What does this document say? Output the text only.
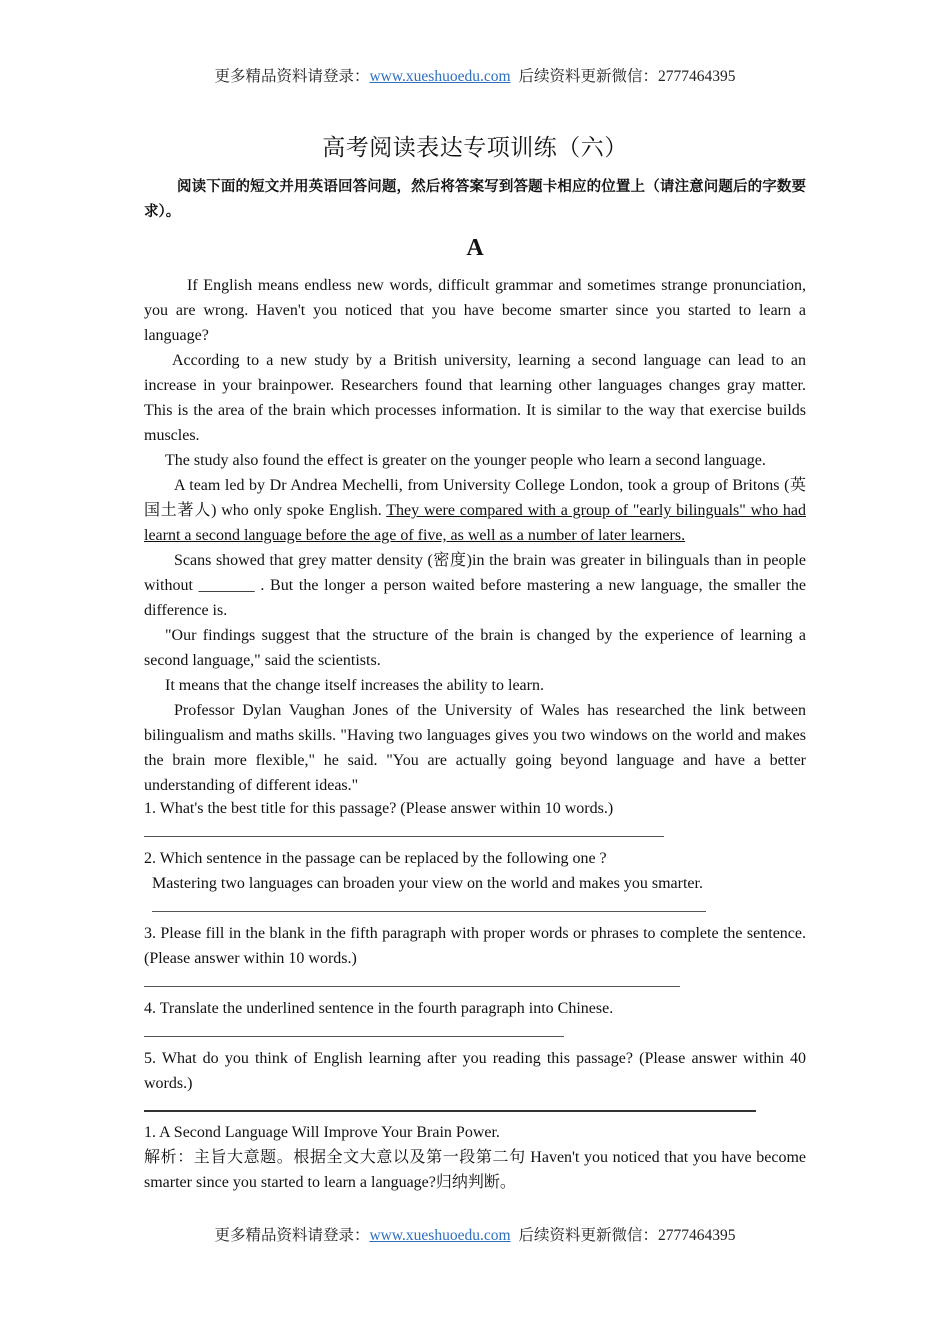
更多精品资料请登录：www.xueshuoedu.com 后续资料更新微信：2777464395
高考阅读表达专项训练（六）

阅读下面的短文并用英语回答问题，然后将答案写到答题卡相应的位置上（请注意问题后的字数要求）。

A

If English means endless new words, difficult grammar and sometimes strange pronunciation, you are wrong. Haven't you noticed that you have become smarter since you started to learn a language?

According to a new study by a British university, learning a second language can lead to an increase in your brainpower. Researchers found that learning other languages changes gray matter. This is the area of the brain which processes information. It is similar to the way that exercise builds muscles.

The study also found the effect is greater on the younger people who learn a second language.

A team led by Dr Andrea Mechelli, from University College London, took a group of Britons (英国土著人) who only spoke English. They were compared with a group of "early bilinguals" who had learnt a second language before the age of five, as well as a number of later learners.

Scans showed that grey matter density (密度)in the brain was greater in bilinguals than in people without _______ . But the longer a person waited before mastering a new language, the smaller the difference is.

"Our findings suggest that the structure of the brain is changed by the experience of learning a second language," said the scientists.

It means that the change itself increases the ability to learn.

Professor Dylan Vaughan Jones of the University of Wales has researched the link between bilingualism and maths skills. "Having two languages gives you two windows on the world and makes the brain more flexible," he said. "You are actually going beyond language and have a better understanding of different ideas."

1. What's the best title for this passage? (Please answer within 10 words.)

2. Which sentence in the passage can be replaced by the following one ?

Mastering two languages can broaden your view on the world and makes you smarter.

3. Please fill in the blank in the fifth paragraph with proper words or phrases to complete the sentence. (Please answer within 10 words.)

4. Translate the underlined sentence in the fourth paragraph into Chinese.

5. What do you think of English learning after you reading this passage? (Please answer within 40 words.)

1. A Second Language Will Improve Your Brain Power.

解析：主旨大意题。根据全文大意以及第一段第二句 Haven't you noticed that you have become smarter since you started to learn a language?归纳判断。

更多精品资料请登录：www.xueshuoedu.com 后续资料更新微信：2777464395
